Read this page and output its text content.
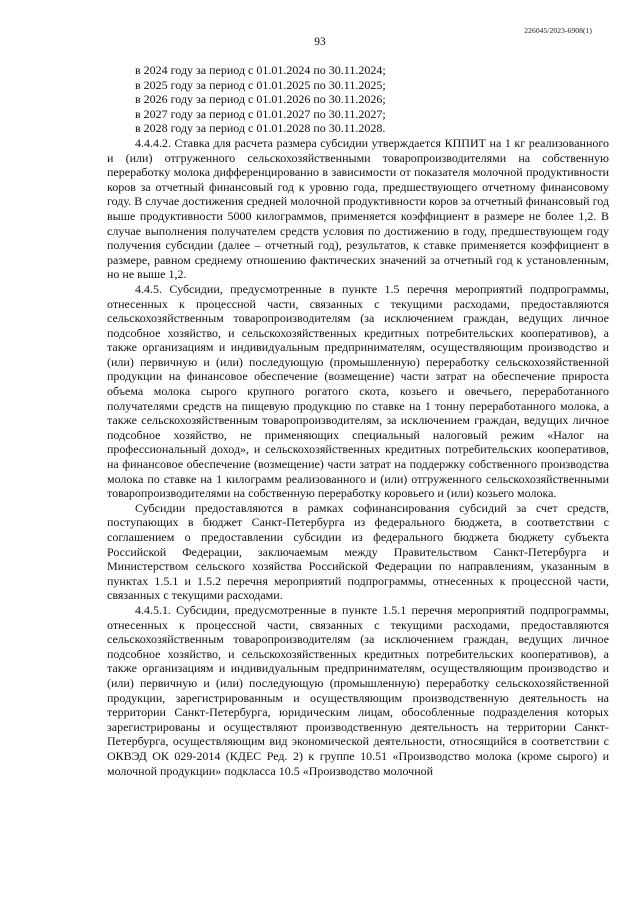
226045/2023-6908(1)
93

в 2024 году за период с 01.01.2024 по 30.11.2024;

в 2025 году за период с 01.01.2025 по 30.11.2025;

в 2026 году за период с 01.01.2026 по 30.11.2026;

в 2027 году за период с 01.01.2027 по 30.11.2027;

в 2028 году за период с 01.01.2028 по 30.11.2028.

4.4.4.2. Ставка для расчета размера субсидии утверждается КППИТ на 1 кг реализованного и (или) отгруженного сельскохозяйственными товаропроизводителями на собственную переработку молока дифференцированно в зависимости от показателя молочной продуктивности коров за отчетный финансовый год к уровню года, предшествующего отчетному финансовому году. В случае достижения средней молочной продуктивности коров за отчетный финансовый год выше продуктивности 5000 килограммов, применяется коэффициент в размере не более 1,2. В случае выполнения получателем средств условия по достижению в году, предшествующем году получения субсидии (далее – отчетный год), результатов, к ставке применяется коэффициент в размере, равном среднему отношению фактических значений за отчетный год к установленным, но не выше 1,2.

4.4.5. Субсидии, предусмотренные в пункте 1.5 перечня мероприятий подпрограммы, отнесенных к процессной части, связанных с текущими расходами, предоставляются сельскохозяйственным товаропроизводителям (за исключением граждан, ведущих личное подсобное хозяйство, и сельскохозяйственных кредитных потребительских кооперативов), а также организациям и индивидуальным предпринимателям, осуществляющим производство и (или) первичную и (или) последующую (промышленную) переработку сельскохозяйственной продукции на финансовое обеспечение (возмещение) части затрат на обеспечение прироста объема молока сырого крупного рогатого скота, козьего и овечьего, переработанного получателями средств на пищевую продукцию по ставке на 1 тонну переработанного молока, а также сельскохозяйственным товаропроизводителям, за исключением граждан, ведущих личное подсобное хозяйство, не применяющих специальный налоговый режим «Налог на профессиональный доход», и сельскохозяйственных кредитных потребительских кооперативов, на финансовое обеспечение (возмещение) части затрат на поддержку собственного производства молока по ставке на 1 килограмм реализованного и (или) отгруженного сельскохозяйственными товаропроизводителями на собственную переработку коровьего и (или) козьего молока.

Субсидии предоставляются в рамках софинансирования субсидий за счет средств, поступающих в бюджет Санкт-Петербурга из федерального бюджета, в соответствии с соглашением о предоставлении субсидии из федерального бюджета бюджету субъекта Российской Федерации, заключаемым между Правительством Санкт-Петербурга и Министерством сельского хозяйства Российской Федерации по направлениям, указанным в пунктах 1.5.1 и 1.5.2 перечня мероприятий подпрограммы, отнесенных к процессной части, связанных с текущими расходами.

4.4.5.1. Субсидии, предусмотренные в пункте 1.5.1 перечня мероприятий подпрограммы, отнесенных к процессной части, связанных с текущими расходами, предоставляются сельскохозяйственным товаропроизводителям (за исключением граждан, ведущих личное подсобное хозяйство, и сельскохозяйственных кредитных потребительских кооперативов), а также организациям и индивидуальным предпринимателям, осуществляющим производство и (или) первичную и (или) последующую (промышленную) переработку сельскохозяйственной продукции, зарегистрированным и осуществляющим производственную деятельность на территории Санкт-Петербурга, юридическим лицам, обособленные подразделения которых зарегистрированы и осуществляют производственную деятельность на территории Санкт-Петербурга, осуществляющим вид экономической деятельности, относящийся в соответствии с ОКВЭД ОК 029-2014 (КДЕС Ред. 2) к группе 10.51 «Производство молока (кроме сырого) и молочной продукции» подкласса 10.5 «Производство молочной
